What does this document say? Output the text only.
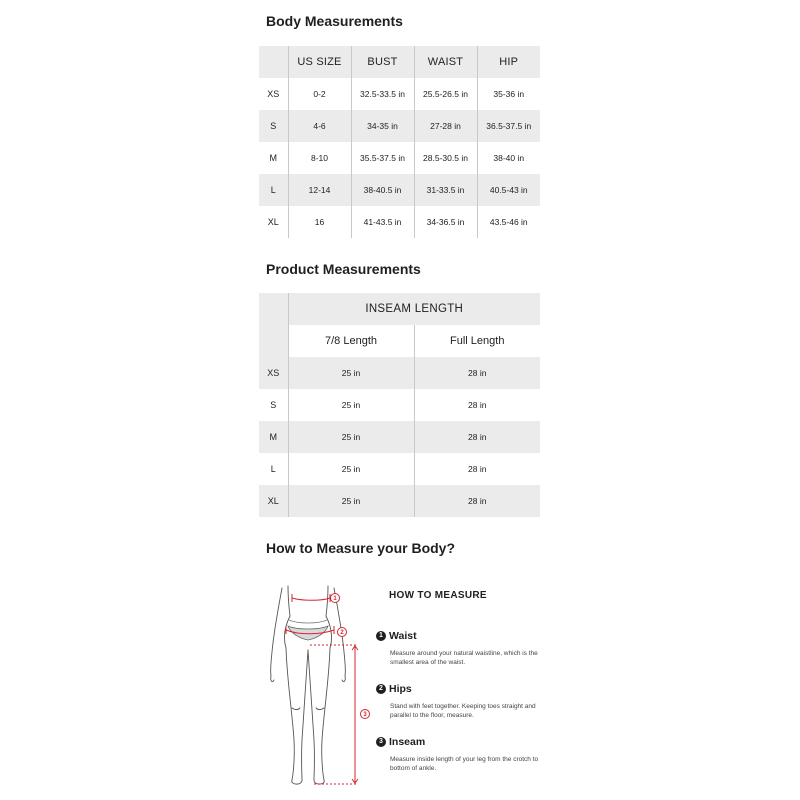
Body Measurements
	US SIZE	BUST	WAIST	HIP
XS	0-2	32.5-33.5 in	25.5-26.5 in	35-36 in
S	4-6	34-35 in	27-28 in	36.5-37.5 in
M	8-10	35.5-37.5 in	28.5-30.5 in	38-40 in
L	12-14	38-40.5 in	31-33.5 in	40.5-43 in
XL	16	41-43.5 in	34-36.5 in	43.5-46 in
Product Measurements
	INSEAM LENGTH	
	7/8 Length	Full Length
XS	25 in	28 in
S	25 in	28 in
M	25 in	28 in
L	25 in	28 in
XL	25 in	28 in
How to Measure your Body?
1
2
3
HOW TO MEASURE
1 Waist
Measure around your natural waistline, which is the smallest area of the waist.
2 Hips
Stand with feet together. Keeping toes straight and parallel to the floor, measure.
3 Inseam
Measure inside length of your leg from the crotch to bottom of ankle.
